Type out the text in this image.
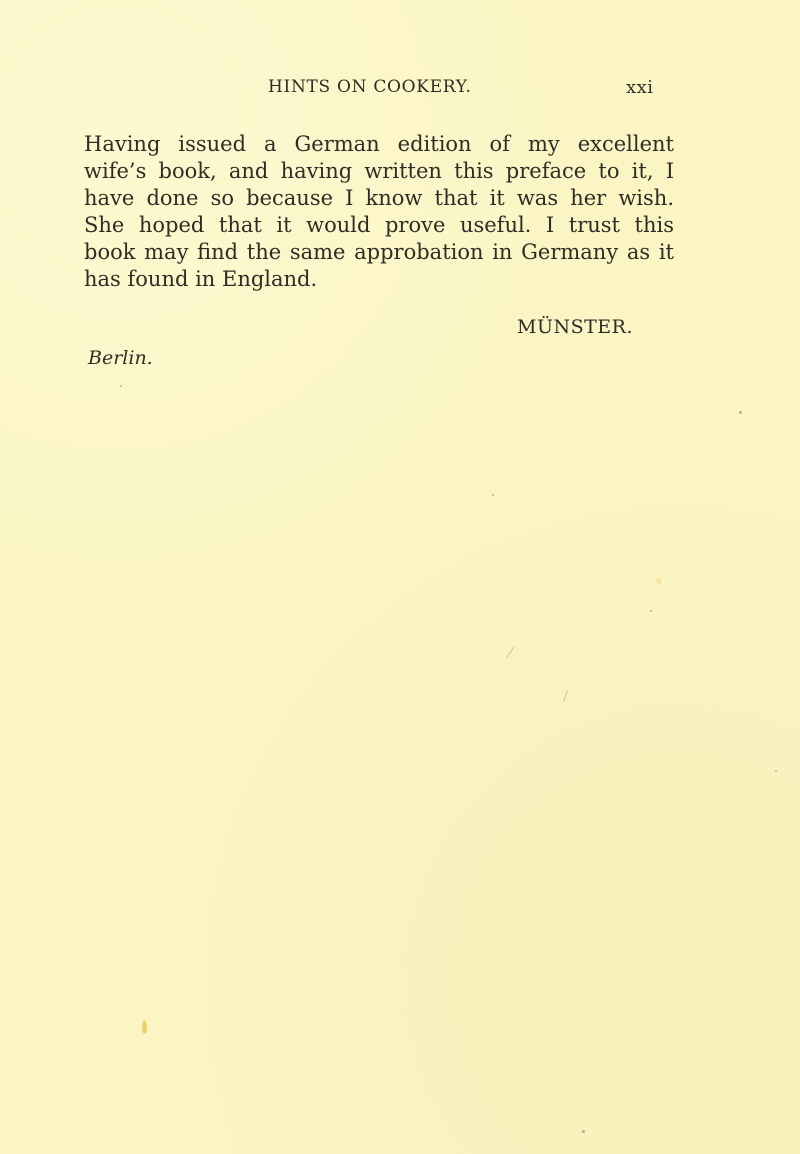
HINTS ON COOKERY.	xxi
Having issued a German edition of my excellent
wife’s book, and having written this preface to it, I
have done so because I know that it was her wish.
She hoped that it would prove useful. I trust this
book may find the same approbation in Germany as it
has found in England.
MÜNSTER.
Berlin.
